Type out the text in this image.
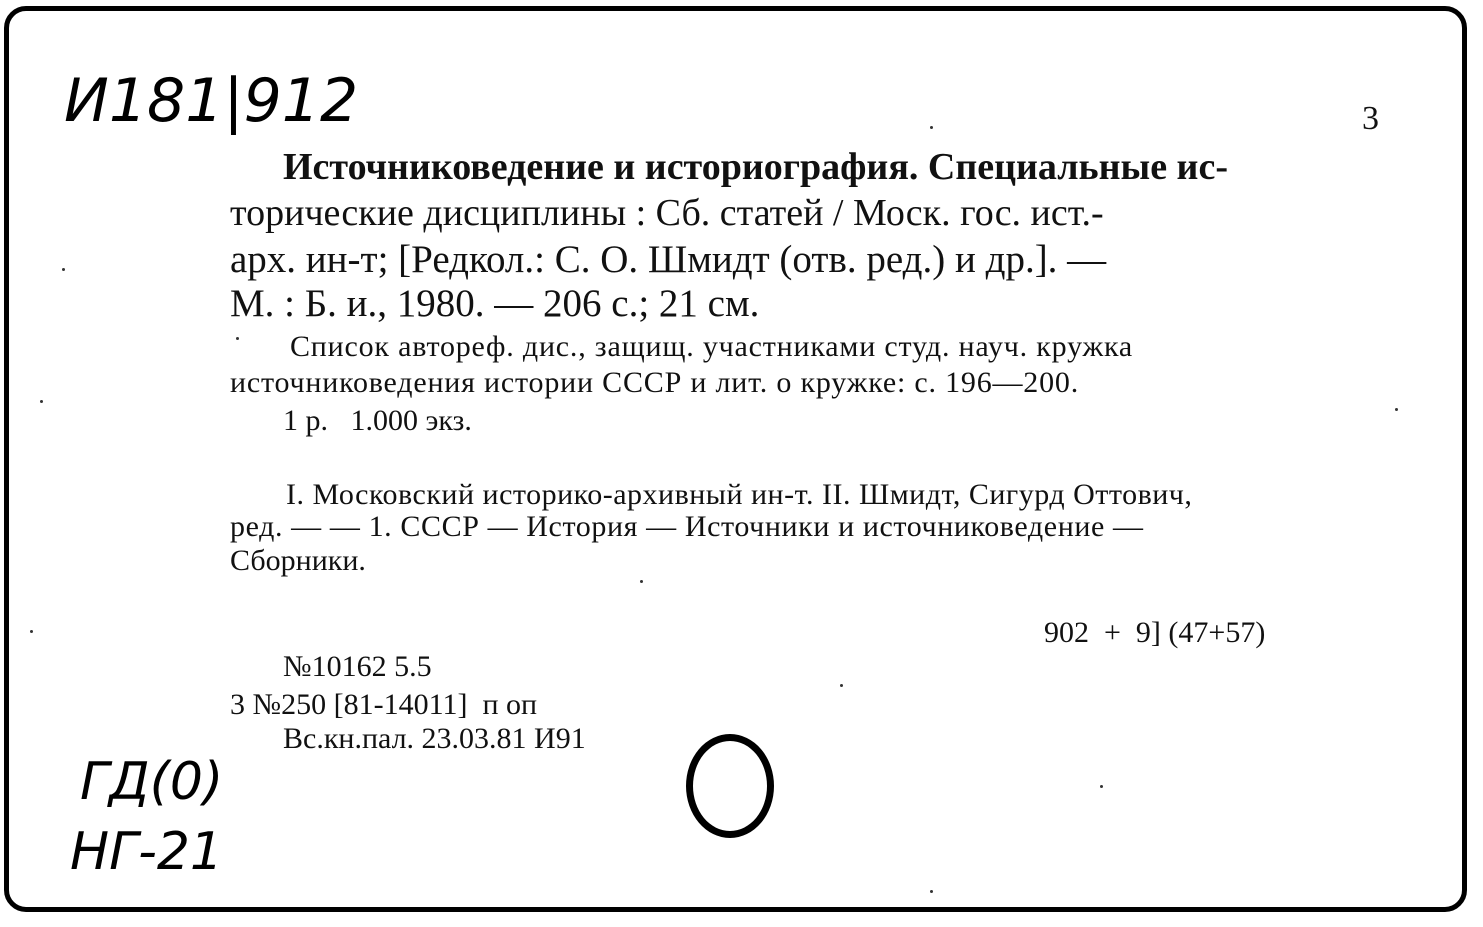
И181|912	3
Источниковедение и историография. Специальные ис-
торические дисциплины : Сб. статей / Моск. гос. ист.-
арх. ин-т; [Редкол.: С. О. Шмидт (отв. ред.) и др.]. —
М. : Б. и., 1980. — 206 с.; 21 см.
Список автореф. дис., защищ. участниками студ. науч. кружка
источниковедения истории СССР и лит. о кружке: с. 196—200.
1 р.   1.000 экз.
I. Московский историко-архивный ин-т. II. Шмидт, Сигурд Оттович,
ред. — — 1. СССР — История — Источники и источниковедение —
Сборники.
902  +  9] (47+57)
№10162 5.5
3 №250 [81-14011]  п оп
Вс.кн.пал. 23.03.81 И91
ГД(0)
НГ-21
